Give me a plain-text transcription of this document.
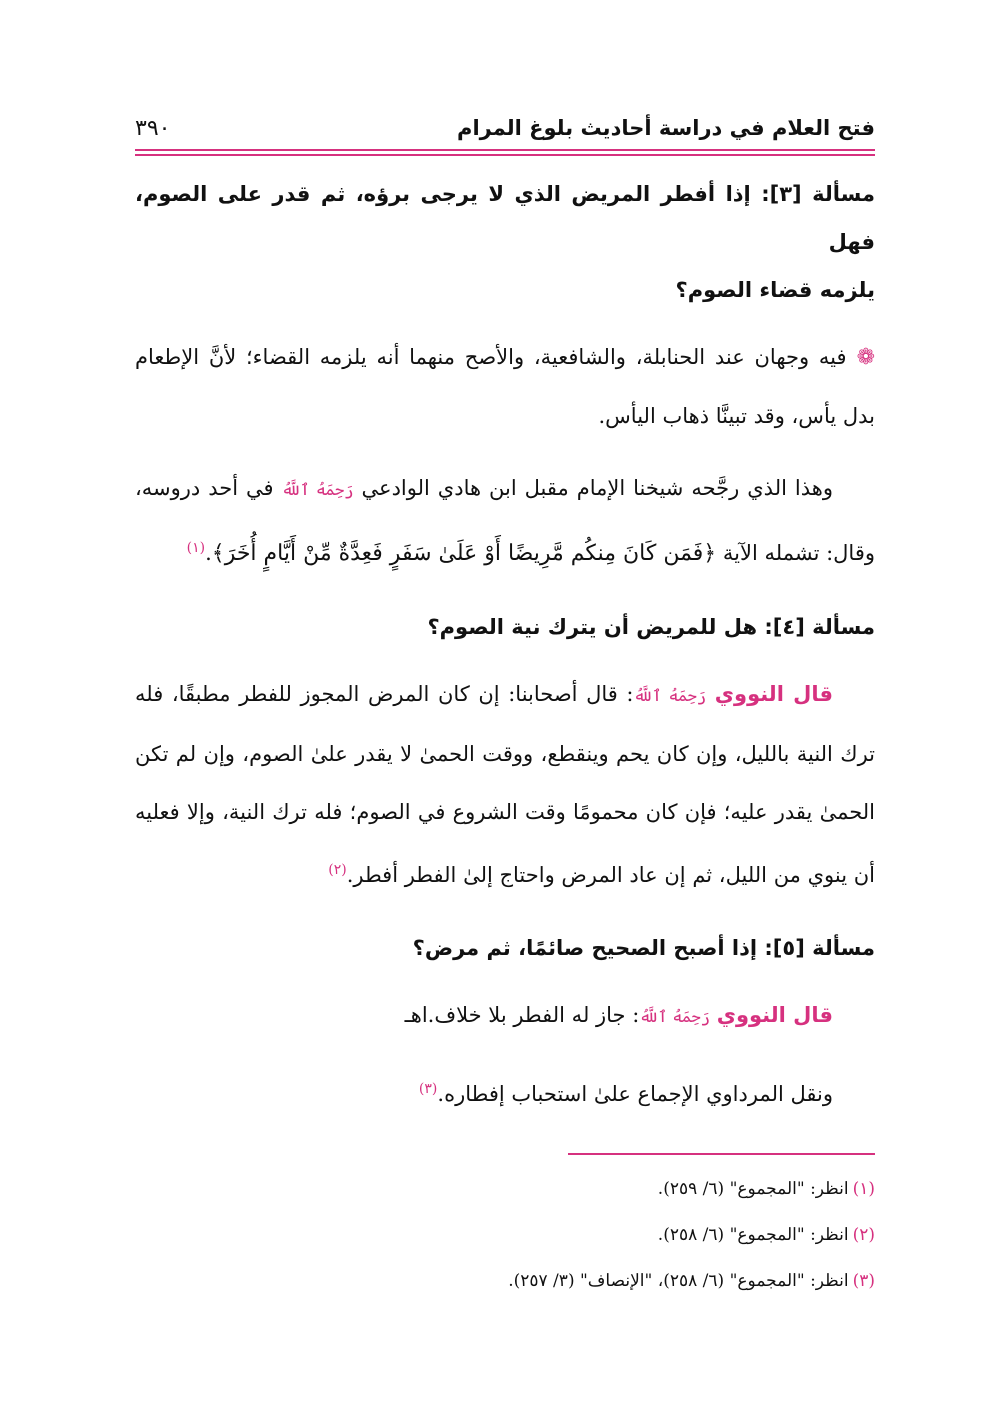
فتح العلام في دراسة أحاديث بلوغ المرام
٣٩٠

مسألة [٣]: إذا أفطر المريض الذي لا يرجى برؤه، ثم قدر على الصوم، فهل
يلزمه قضاء الصوم؟

❁فيه وجهان عند الحنابلة، والشافعية، والأصح منهما أنه يلزمه القضاء؛ لأنَّ الإطعام بدل يأس، وقد تبينَّا ذهاب اليأس.

وهذا الذي رجَّحه شيخنا الإمام مقبل ابن هادي الوادعي رَحِمَهُ ٱللَّهُ في أحد دروسه، وقال: تشمله الآية ﴿فَمَن كَانَ مِنكُم مَّرِيضًا أَوْ عَلَىٰ سَفَرٍ فَعِدَّةٌ مِّنْ أَيَّامٍ أُخَرَ﴾.$^{(١)}$

مسألة [٤]: هل للمريض أن يترك نية الصوم؟

قال النووي رَحِمَهُ ٱللَّهُ: قال أصحابنا: إن كان المرض المجوز للفطر مطبقًا، فله ترك النية بالليل، وإن كان يحم وينقطع، ووقت الحمىٰ لا يقدر علىٰ الصوم، وإن لم تكن الحمىٰ يقدر عليه؛ فإن كان محمومًا وقت الشروع في الصوم؛ فله ترك النية، وإلا فعليه أن ينوي من الليل، ثم إن عاد المرض واحتاج إلىٰ الفطر أفطر.$^{(٢)}$

مسألة [٥]: إذا أصبح الصحيح صائمًا، ثم مرض؟

قال النووي رَحِمَهُ ٱللَّهُ: جاز له الفطر بلا خلاف.اهـ

ونقل المرداوي الإجماع علىٰ استحباب إفطاره.$^{(٣)}$

(١)انظر: "المجموع" (٦/ ٢٥٩).

(٢)انظر: "المجموع" (٦/ ٢٥٨).

(٣)انظر: "المجموع" (٦/ ٢٥٨)، "الإنصاف" (٣/ ٢٥٧).
